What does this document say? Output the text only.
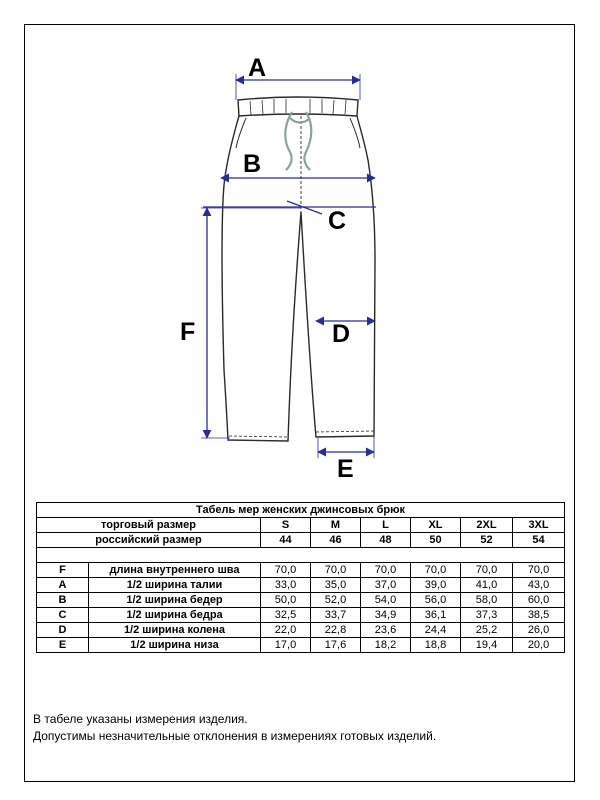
A
B
C
D
E
F
Табель мер женских джинсовых брюк							
торговый размер		S	M	L	XL	2XL	3XL
российский размер		44	46	48	50	52	54

F	длина внутреннего шва	70,0	70,0	70,0	70,0	70,0	70,0
A	1/2 ширина талии	33,0	35,0	37,0	39,0	41,0	43,0
B	1/2 ширина бедер	50,0	52,0	54,0	56,0	58,0	60,0
C	1/2 ширина бедра	32,5	33,7	34,9	36,1	37,3	38,5
D	1/2 ширина колена	22,0	22,8	23,6	24,4	25,2	26,0
E	1/2 ширина низа	17,0	17,6	18,2	18,8	19,4	20,0
В табеле указаны измерения изделия.
Допустимы незначительные отклонения в измерениях готовых изделий.
